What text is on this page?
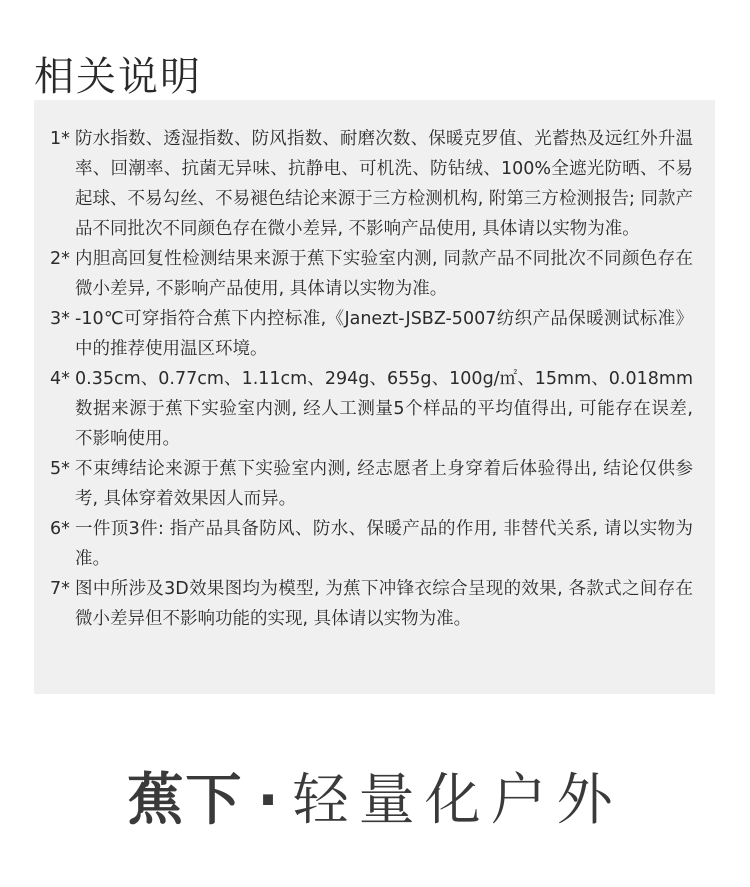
相关说明
1* 防水指数、透湿指数、防风指数、耐磨次数、保暖克罗值、光蓄热及远红外升温率、回潮率、抗菌无异味、抗静电、可机洗、防钻绒、100%全遮光防晒、不易起球、不易勾丝、不易褪色结论来源于三方检测机构, 附第三方检测报告; 同款产品不同批次不同颜色存在微小差异, 不影响产品使用, 具体请以实物为准。
2* 内胆高回复性检测结果来源于蕉下实验室内测, 同款产品不同批次不同颜色存在微小差异, 不影响产品使用, 具体请以实物为准。
3* -10℃可穿指符合蕉下内控标准,《Janezt-JSBZ-5007纺织产品保暖测试标准》中的推荐使用温区环境。
4* 0.35cm、0.77cm、1.11cm、294g、655g、100g/㎡、15mm、0.018mm数据来源于蕉下实验室内测, 经人工测量5个样品的平均值得出, 可能存在误差, 不影响使用。
5* 不束缚结论来源于蕉下实验室内测, 经志愿者上身穿着后体验得出, 结论仅供参考, 具体穿着效果因人而异。
6* 一件顶3件: 指产品具备防风、防水、保暖产品的作用, 非替代关系, 请以实物为准。
7* 图中所涉及3D效果图均为模型, 为蕉下冲锋衣综合呈现的效果, 各款式之间存在微小差异但不影响功能的实现, 具体请以实物为准。
蕉下 · 轻量化户外
